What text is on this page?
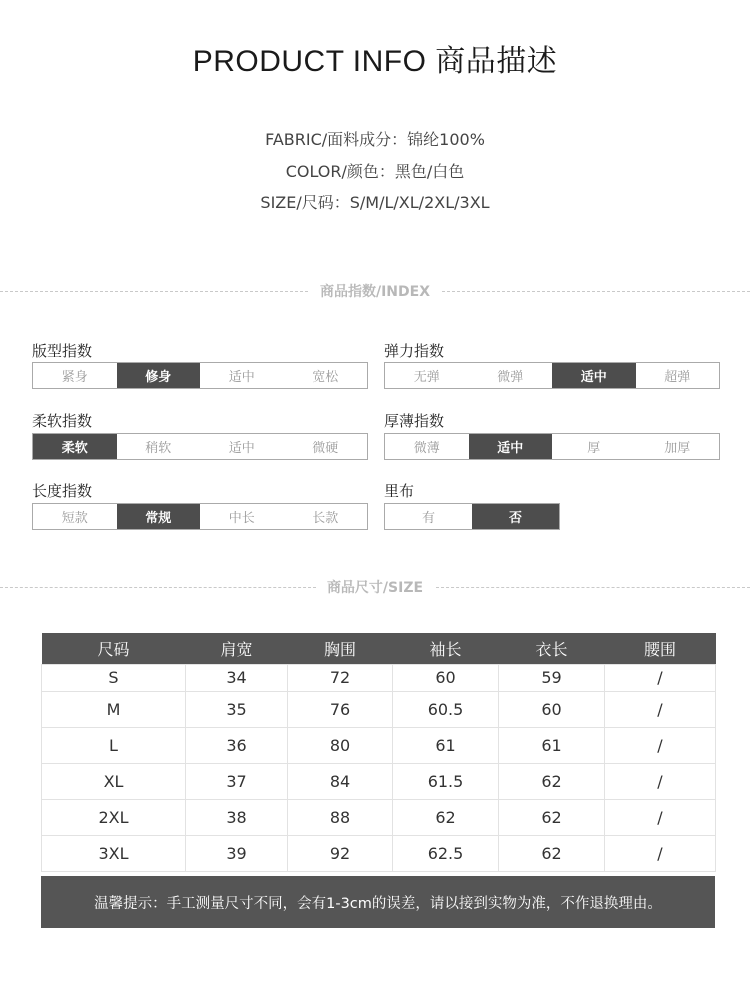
PRODUCT INFO 商品描述
FABRIC/面料成分：锦纶100%
COLOR/颜色：黑色/白色
SIZE/尺码：S/M/L/XL/2XL/3XL
商品指数/INDEX
版型指数
紧身	修身	适中	宽松
弹力指数
无弹	微弹	适中	超弹
柔软指数
柔软	稍软	适中	微硬
厚薄指数
微薄	适中	厚	加厚
长度指数
短款	常规	中长	长款
里布
有	否
商品尺寸/SIZE
尺码	肩宽	胸围	袖长	衣长	腰围
S	34	72	60	59	/
M	35	76	60.5	60	/
L	36	80	61	61	/
XL	37	84	61.5	62	/
2XL	38	88	62	62	/
3XL	39	92	62.5	62	/
温馨提示：手工测量尺寸不同，会有1-3cm的误差，请以接到实物为准，不作退换理由。
